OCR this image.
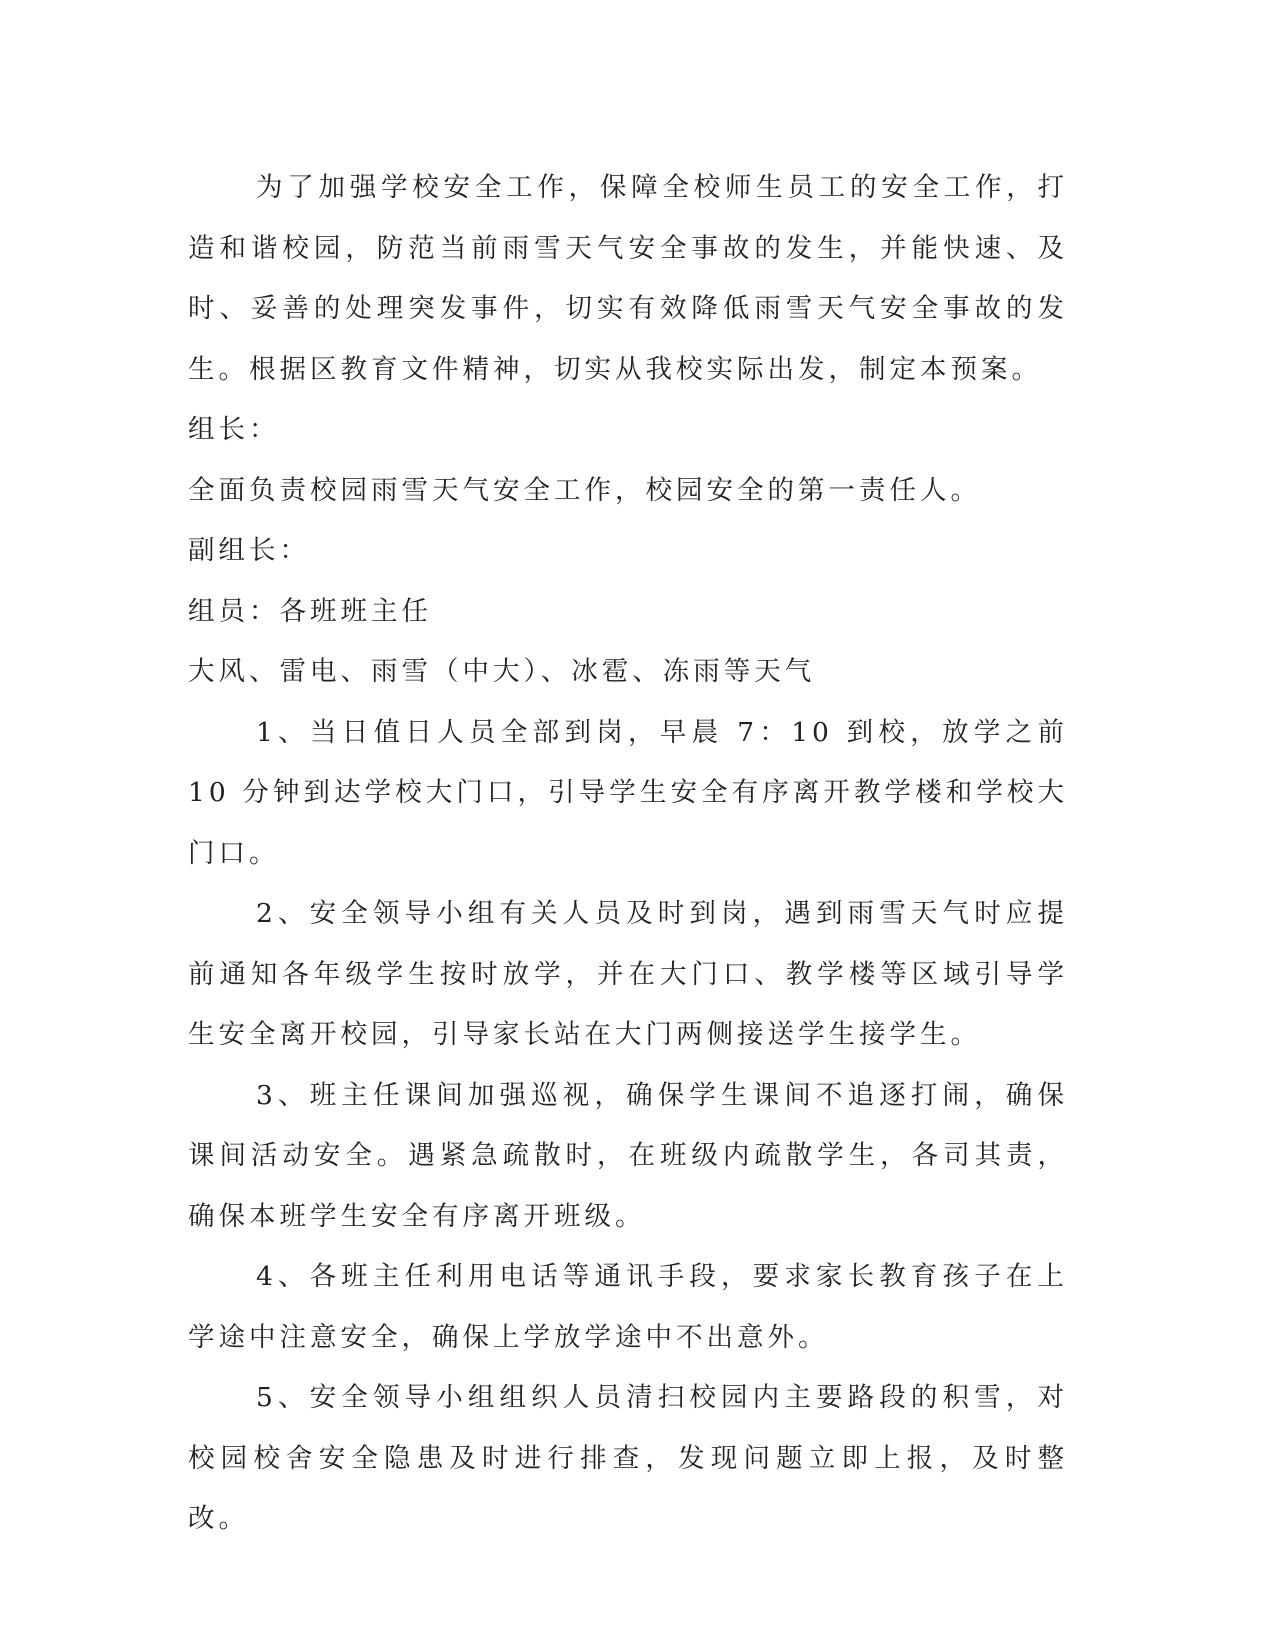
为了加强学校安全工作，保障全校师生员工的安全工作，打造和谐校园，防范当前雨雪天气安全事故的发生，并能快速、及时、妥善的处理突发事件，切实有效降低雨雪天气安全事故的发生。根据区教育文件精神，切实从我校实际出发，制定本预案。

组长：

全面负责校园雨雪天气安全工作，校园安全的第一责任人。

副组长：

组员：各班班主任

大风、雷电、雨雪（中大）、冰雹、冻雨等天气

1、当日值日人员全部到岗，早晨 7：10 到校，放学之前 10 分钟到达学校大门口，引导学生安全有序离开教学楼和学校大门口。

2、安全领导小组有关人员及时到岗，遇到雨雪天气时应提前通知各年级学生按时放学，并在大门口、教学楼等区域引导学生安全离开校园，引导家长站在大门两侧接送学生接学生。

3、班主任课间加强巡视，确保学生课间不追逐打闹，确保课间活动安全。遇紧急疏散时，在班级内疏散学生，各司其责，确保本班学生安全有序离开班级。

4、各班主任利用电话等通讯手段，要求家长教育孩子在上学途中注意安全，确保上学放学途中不出意外。

5、安全领导小组组织人员清扫校园内主要路段的积雪，对校园校舍安全隐患及时进行排查，发现问题立即上报，及时整改。
